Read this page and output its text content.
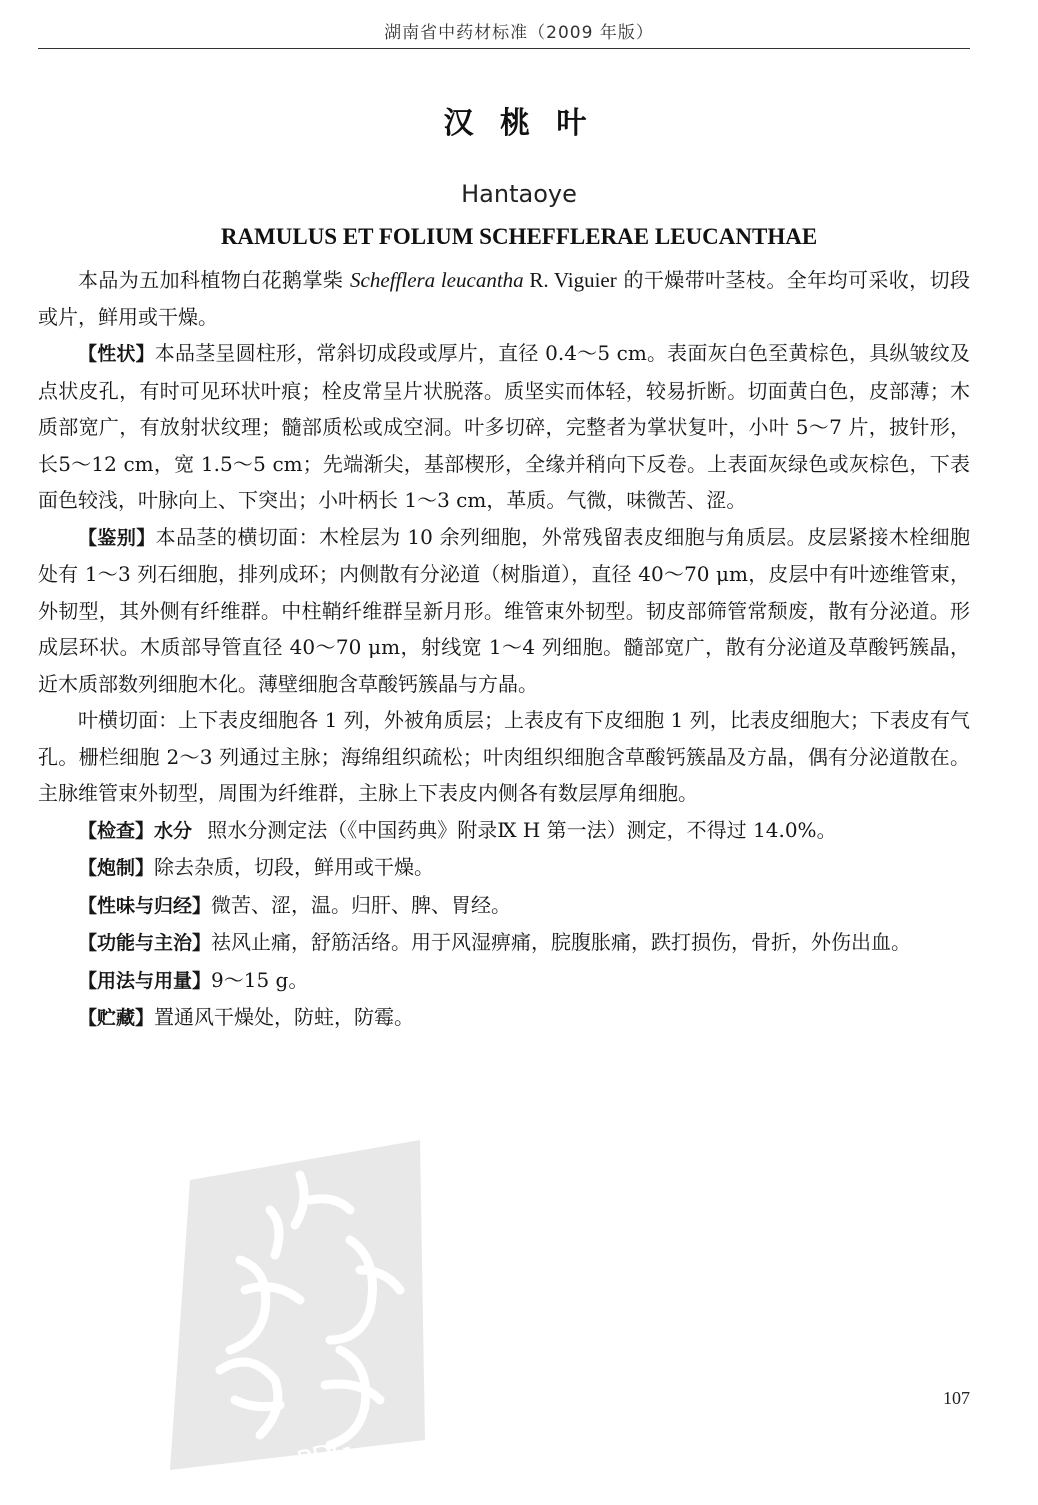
湖南省中药材标准（2009 年版）
汉 桃 叶
Hantaoye
RAMULUS ET FOLIUM SCHEFFLERAE LEUCANTHAE

本品为五加科植物白花鹅掌柴 Schefflera leucantha R. Viguier 的干燥带叶茎枝。全年均可采收，切段或片，鲜用或干燥。

【性状】本品茎呈圆柱形，常斜切成段或厚片，直径 0.4～5 cm。表面灰白色至黄棕色，具纵皱纹及点状皮孔，有时可见环状叶痕；栓皮常呈片状脱落。质坚实而体轻，较易折断。切面黄白色，皮部薄；木质部宽广，有放射状纹理；髓部质松或成空洞。叶多切碎，完整者为掌状复叶，小叶 5～7 片，披针形，长5～12 cm，宽 1.5～5 cm；先端渐尖，基部楔形，全缘并稍向下反卷。上表面灰绿色或灰棕色，下表面色较浅，叶脉向上、下突出；小叶柄长 1～3 cm，革质。气微，味微苦、涩。

【鉴别】本品茎的横切面：木栓层为 10 余列细胞，外常残留表皮细胞与角质层。皮层紧接木栓细胞处有 1～3 列石细胞，排列成环；内侧散有分泌道（树脂道），直径 40～70 μm，皮层中有叶迹维管束，外韧型，其外侧有纤维群。中柱鞘纤维群呈新月形。维管束外韧型。韧皮部筛管常颓废，散有分泌道。形成层环状。木质部导管直径 40～70 μm，射线宽 1～4 列细胞。髓部宽广，散有分泌道及草酸钙簇晶，近木质部数列细胞木化。薄壁细胞含草酸钙簇晶与方晶。

叶横切面：上下表皮细胞各 1 列，外被角质层；上表皮有下皮细胞 1 列，比表皮细胞大；下表皮有气孔。栅栏细胞 2～3 列通过主脉；海绵组织疏松；叶肉组织细胞含草酸钙簇晶及方晶，偶有分泌道散在。主脉维管束外韧型，周围为纤维群，主脉上下表皮内侧各有数层厚角细胞。

【检查】水分 照水分测定法（《中国药典》附录Ⅸ H 第一法）测定，不得过 14.0%。

【炮制】除去杂质，切段，鲜用或干燥。

【性味与归经】微苦、涩，温。归肝、脾、胃经。

【功能与主治】祛风止痛，舒筋活络。用于风湿痹痛，脘腹胀痛，跌打损伤，骨折，外伤出血。

【用法与用量】9～15 g。

【贮藏】置通风干燥处，防蛀，防霉。

PDG
107
